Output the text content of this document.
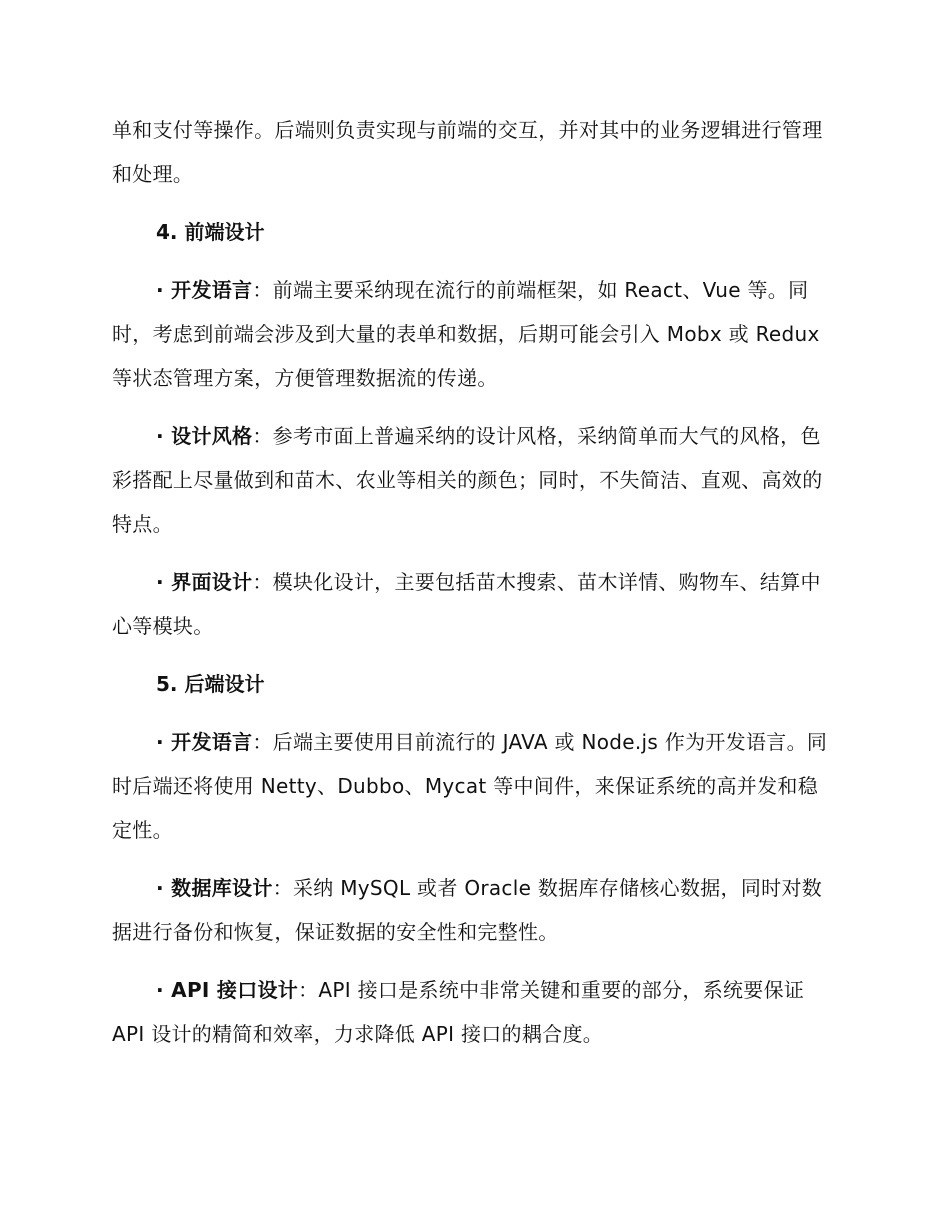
单和支付等操作。后端则负责实现与前端的交互，并对其中的业务逻辑进行管理和处理。

4. 前端设计

· 开发语言：前端主要采纳现在流行的前端框架，如 React、Vue 等。同时，考虑到前端会涉及到大量的表单和数据，后期可能会引入 Mobx 或 Redux 等状态管理方案，方便管理数据流的传递。

· 设计风格：参考市面上普遍采纳的设计风格，采纳简单而大气的风格，色彩搭配上尽量做到和苗木、农业等相关的颜色；同时，不失简洁、直观、高效的特点。

· 界面设计：模块化设计，主要包括苗木搜索、苗木详情、购物车、结算中心等模块。

5. 后端设计

· 开发语言：后端主要使用目前流行的 JAVA 或 Node.js 作为开发语言。同时后端还将使用 Netty、Dubbo、Mycat 等中间件，来保证系统的高并发和稳定性。

· 数据库设计：采纳 MySQL 或者 Oracle 数据库存储核心数据，同时对数据进行备份和恢复，保证数据的安全性和完整性。

· API 接口设计：API 接口是系统中非常关键和重要的部分，系统要保证 API 设计的精简和效率，力求降低 API 接口的耦合度。
